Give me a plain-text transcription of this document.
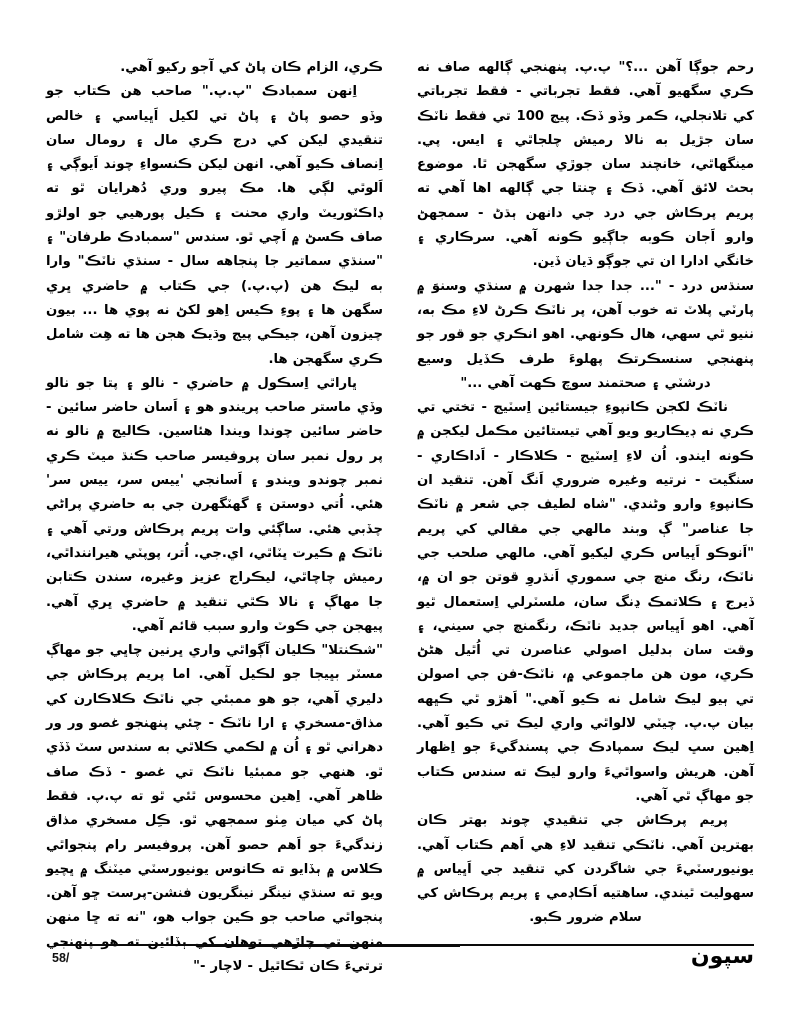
ڪري، الزام ڪان پاڻ کي آجو رکيو آهي.

اِنهن سمبادڪ "پ.پ." صاحب هن ڪتاب جو وڏو حصو پاڻ ۽ پاڻ تي لکيل اَڀياسي ۽ خالص تنقيدي ليکن کي درج ڪري مال ۽ رومال سان اِنصاف ڪيو آهي. انهن ليکن ڪنسواءِ چوند اَيوڳي ۽ اَلوٿي لڳي ها. مڪ پيرو وري دُهرايان ٿو ته ڊاڪٽوريٽ واري محنت ۽ ڪيل پورهيي جو اولڙو صاف ڪسڻ ۾ اَچي ٿو. سندس "سمبادڪ طرفان" ۽ "سنڌي سماتير جا پنجاهه سال - سنڌي ناٽڪ" وارا به ليڪ هن (پ.پ.) جي ڪتاب ۾ حاضري ڀري سگهن ها ۽ پوءِ ڪيس اِهو لکڻ نه پوي ها ... بيون چيزون آهن، جيڪي پيج وڌيڪ هجن ها ته هِت شامل ڪري سگهجن ها.

ڀاراٿي اِسڪول ۾ حاضري - نالو ۽ پتا جو نالو وڏي ماستر صاحب پريندو هو ۽ اَسان حاضر سائين - حاضر سائين چوندا ويندا هئاسين. ڪاليج ۾ نالو نه پر رول نمبر سان پروفيسر صاحب ڪنڌ ميٽ ڪري نمبر چوندو ويندو ۽ اَسانجي 'ييس سر، ييس سر' هئي. اُتي دوستن ۽ گهٽگهرن جي به حاضري پراڻي چڏبي هئي. ساڳئي وات پريم پرڪاش ورتي آهي ۽ ناٽڪ ۾ ڪيرت ڀٽاٿي، اي.جي. اُتر، پوپٽي هيراننداٿي، رميش چاچاٿي، ليڪراج عزيز وغيره، سندن ڪتابن جا مهاڳ ۽ نالا ڪٿي تنقيد ۾ حاضري ڀري آهي. پيهجن جي ڪوٽ وارو سبب قائم آهي.

"شڪنتلا" ڪليان آڳواٿي واري ڀرنين چاڀي جو مهاڳ مسٽر بڀيجا جو لڪيل آهي. اما پريم پرڪاش جي دليري آهي، جو هو ممبئي جي ناٽڪ ڪلاڪارن کي مذاق-مسخري ۽ ارا ناٽڪ - چئي پنهنجو غصو ور ور دهراني ٿو ۽ اُن ۾ لڪمي ڪلاٿي به سندس سٽ ڏڏي ٿو. هنهي جو ممبئيا ناٽڪ تي غصو - ڏڪ صاف ظاهر آهي. اِهين محسوس ٿئي ٿو ته پ.پ. فقط پاڻ کي ميان مِٺو سمجهي ٿو. ڪِل مسخري مذاق زندگيءَ جو اَهم حصو آهن. پروفيسر رام پنجواٿي ڪلاس ۾ ٻڏايو ته ڪانوس يونيورسٽي ميٽنگ ۾ ڀچيو ويو ته سنڌي نينگر نينگريون فنشن-پرست ڇو آهن. پنجواٿي صاحب جو ڪين جواب هو، "نه ته ڇا منهن منهن تي چاڙهي توهان کي ٻڏائين ته هو پنهنجي ترتيءَ ڪان ٿڪاٿيل - لاچار -"

رحم جوڳا آهن ...؟" پ.پ. پنهنجي ڳالهه صاف نه ڪري سگهيو آهي. فقط تجرباتي - فقط تجرباتي کي تلانجلي، ڪمر وڏو ڏڪ. پيج 100 تي فقط ناٽڪ سان جڙيل به نالا رميش چلجاٿي ۽ ايس. پي. مينگهاٿي، خانچند سان جوڙي سگهجن ٿا. موضوع بحث لائق آهي. ڏڪ ۽ چنتا جي ڳالهه اها آهي ته پريم پرڪاش جي درد جي دانهن ٻڌڻ - سمجهڻ وارو اَجان ڪوبه جاڳيو ڪونه آهي. سرڪاري ۽ خانگي ادارا ان تي جوڳو ڌيان ڏين.

سنڌس درد - "... جدا جدا شهرن ۾ سنڌي وسنوَ ۾ پارٽي پلاٽ ته خوب آهن، پر ناٽڪ ڪرڻ لاءِ مڪ به، ننيو ٿي سهي، هال ڪونهي. اهو انڪري جو قور جو پنهنجي سنسڪرتڪ پهلوءَ طرف ڪڏيل وسيع درشٽي ۽ صحتمند سوچ ڪهت آهي ..."

ناٽڪ لکجن ڪانپوءِ جيستائين اِسٽيج - تختي تي ڪري نه ڊيڪاريو ويو آهي تيستائين مڪمل ليکجن ۾ ڪونه ايندو. اُن لاءِ اِسٽيج - ڪلاڪار - اَداڪاري - سنگيت - نرتيه وغيره ضروري اَنگ آهن. تنقيد ان ڪانپوءِ وارو وڻندي. "شاه لطيف جي شعر ۾ ناٽڪ جا عناصر" ڳ وبند مالهي جي مقالي کي پريم "اَنوڪو اَڀياس ڪري ليکيو آهي. مالهي صلحب جي ناٽڪ، رنگ منچ جي سموري اَنڌروِ قوتن جو ان ۾، ڏيرج ۽ ڪلاتمڪ ڍنگ سان، ملسٽرلي اِستعمال ٿيو آهي. اهو اَڀياس جديد ناٽڪ، رنگمنچ جي سيني، ۽ وقت سان بدليل اصولي عناصرن تي اُٿيل هڻڻ ڪري، مون هن ماجموعي ۾، ناٽڪ-فن جي اصولن تي ٻيو ليڪ شامل نه ڪيو آهي." اَهڙو ٿي ڪڀهه بيان پ.پ. چيٽي لالواٿي واري ليڪ تي ڪيو آهي. اِهين سڀ ليڪ سمپادڪ جي پسندگيءَ جو اِظهار آهن. هريش واسواٿيءَ وارو ليڪ ته سندس ڪتاب جو مهاڳ ٿي آهي.

پريم پرڪاش جي تنقيدي چوند بهتر ڪان بهترين آهي. ناٽڪي تنقيد لاءِ هي اَهم ڪتاب آهي. يونيورسٽيءَ جي شاگردن کي تنقيد جي اَڀياس ۾ سهوليت ٿيندي. ساهتيه اَڪاڊمي ۽ پريم پرڪاش کي سلام ضرور ڪبو.

58/	سپون
